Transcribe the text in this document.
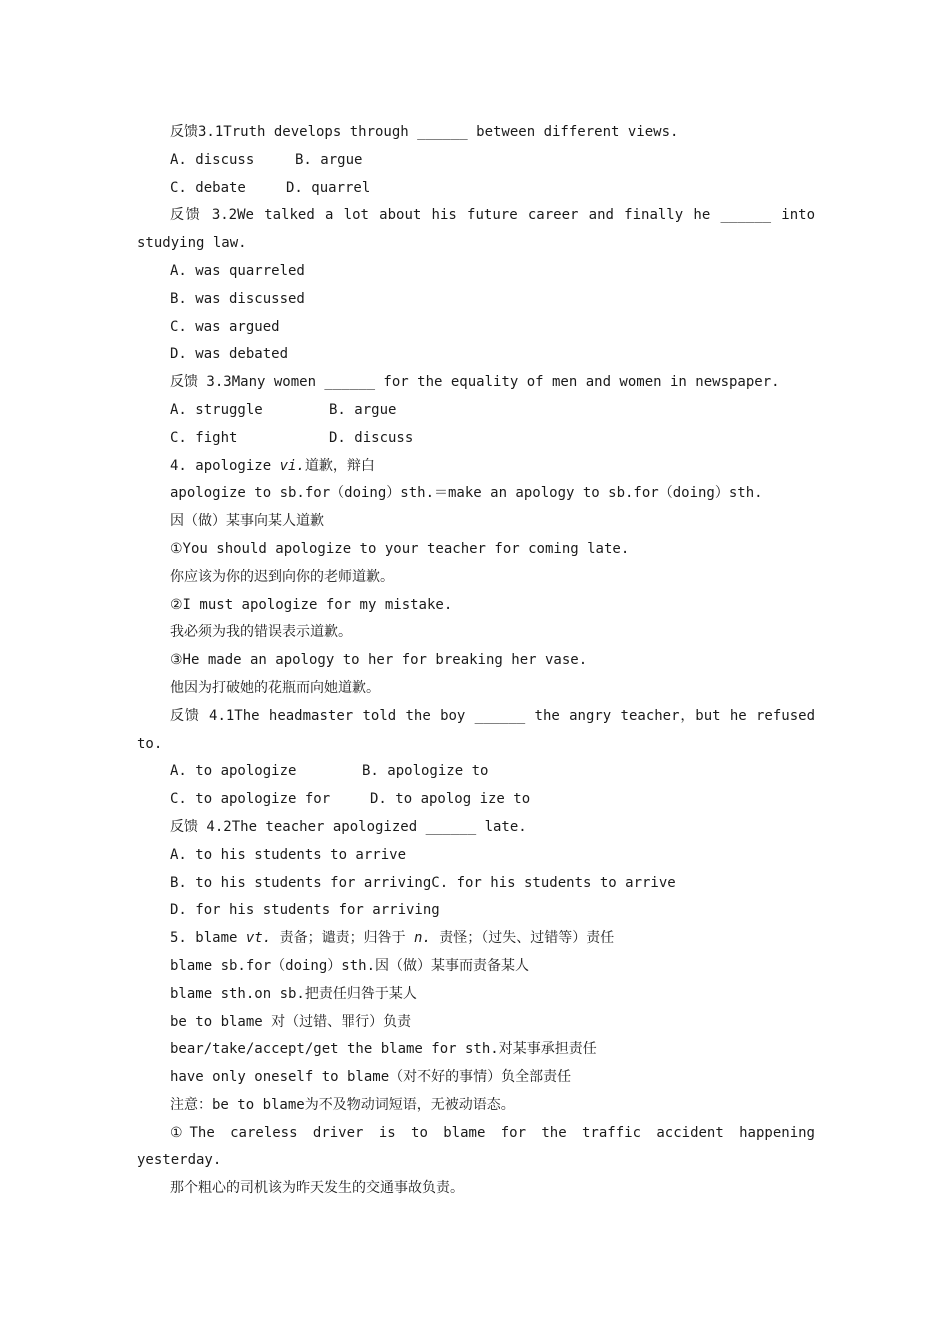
反馈3.1Truth develops through ______ between different views.
A. discuss	B. argue
C. debate	D. quarrel
反馈 3.2We talked a lot about his future career and finally he ______ into
studying law.
A. was quarreled
B. was discussed
C. was argued
D. was debated
反馈 3.3Many women ______ for the equality of men and women in newspaper.
A. struggle	B. argue
C. fight	D. discuss
4. apologize vi.道歉，辩白
apologize to sb.for（doing）sth.＝make an apology to sb.for（doing）sth.
因（做）某事向某人道歉
①You should apologize to your teacher for coming late.
你应该为你的迟到向你的老师道歉。
②I must apologize for my mistake.
我必须为我的错误表示道歉。
③He made an apology to her for breaking her vase.
他因为打破她的花瓶而向她道歉。
反馈 4.1The headmaster told the boy ______ the angry teacher，but he refused
to.
A. to apologize	B. apologize to
C. to apologize for	D. to apolog ize to
反馈 4.2The teacher apologized ______ late.
A. to his students to arrive
B. to his students for arrivingC. for his students to arrive
D. for his students for arriving
5. blame vt. 责备；谴责；归咎于 n. 责怪；（过失、过错等）责任
blame sb.for（doing）sth.因（做）某事而责备某人
blame sth.on sb.把责任归咎于某人
be to blame 对（过错、罪行）负责
bear/take/accept/get the blame for sth.对某事承担责任
have only oneself to blame（对不好的事情）负全部责任
注意：be to blame为不及物动词短语，无被动语态。
①The careless driver is to blame for the traffic accident happening
yesterday.
那个粗心的司机该为昨天发生的交通事故负责。
